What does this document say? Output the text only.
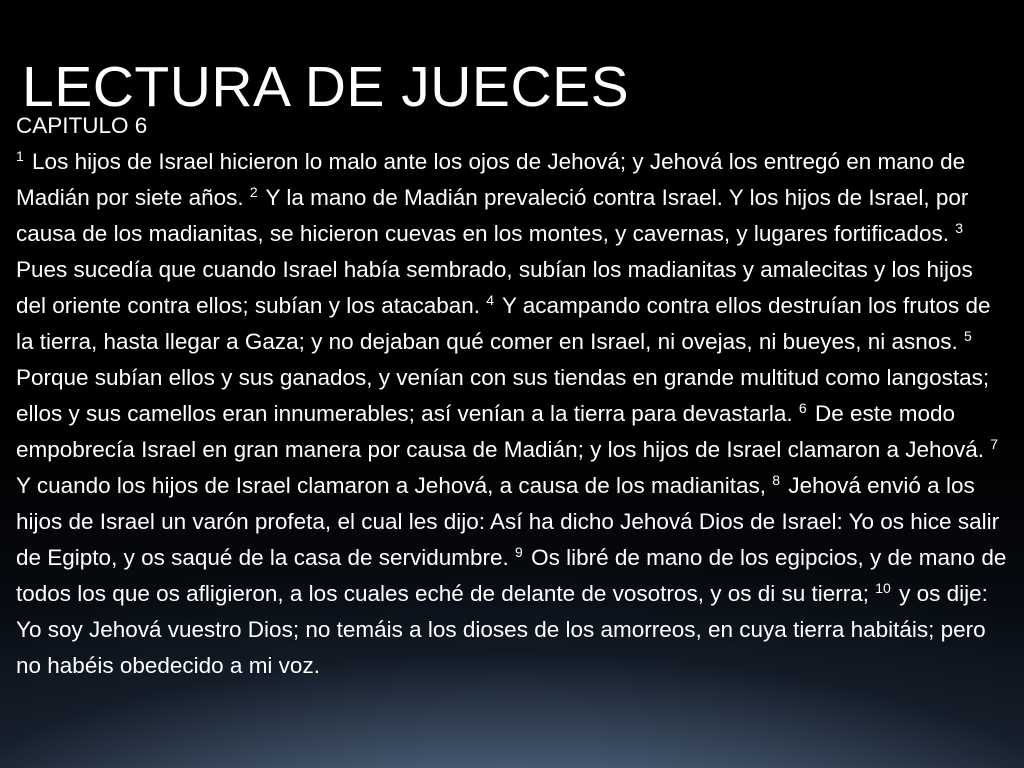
LECTURA DE JUECES
CAPITULO 6
$^1$ Los hijos de Israel hicieron lo malo ante los ojos de Jehová; y Jehová los entregó en mano de Madián por siete años. $^2$ Y la mano de Madián prevaleció contra Israel. Y los hijos de Israel, por causa de los madianitas, se hicieron cuevas en los montes, y cavernas, y lugares fortificados. $^3$ Pues sucedía que cuando Israel había sembrado, subían los madianitas y amalecitas y los hijos del oriente contra ellos; subían y los atacaban. $^4$ Y acampando contra ellos destruían los frutos de la tierra, hasta llegar a Gaza; y no dejaban qué comer en Israel, ni ovejas, ni bueyes, ni asnos. $^5$ Porque subían ellos y sus ganados, y venían con sus tiendas en grande multitud como langostas; ellos y sus camellos eran innumerables; así venían a la tierra para devastarla. $^6$ De este modo empobrecía Israel en gran manera por causa de Madián; y los hijos de Israel clamaron a Jehová. $^7$ Y cuando los hijos de Israel clamaron a Jehová, a causa de los madianitas, $^8$ Jehová envió a los hijos de Israel un varón profeta, el cual les dijo: Así ha dicho Jehová Dios de Israel: Yo os hice salir de Egipto, y os saqué de la casa de servidumbre. $^9$ Os libré de mano de los egipcios, y de mano de todos los que os afligieron, a los cuales eché de delante de vosotros, y os di su tierra; $^{10}$ y os dije: Yo soy Jehová vuestro Dios; no temáis a los dioses de los amorreos, en cuya tierra habitáis; pero no habéis obedecido a mi voz.
